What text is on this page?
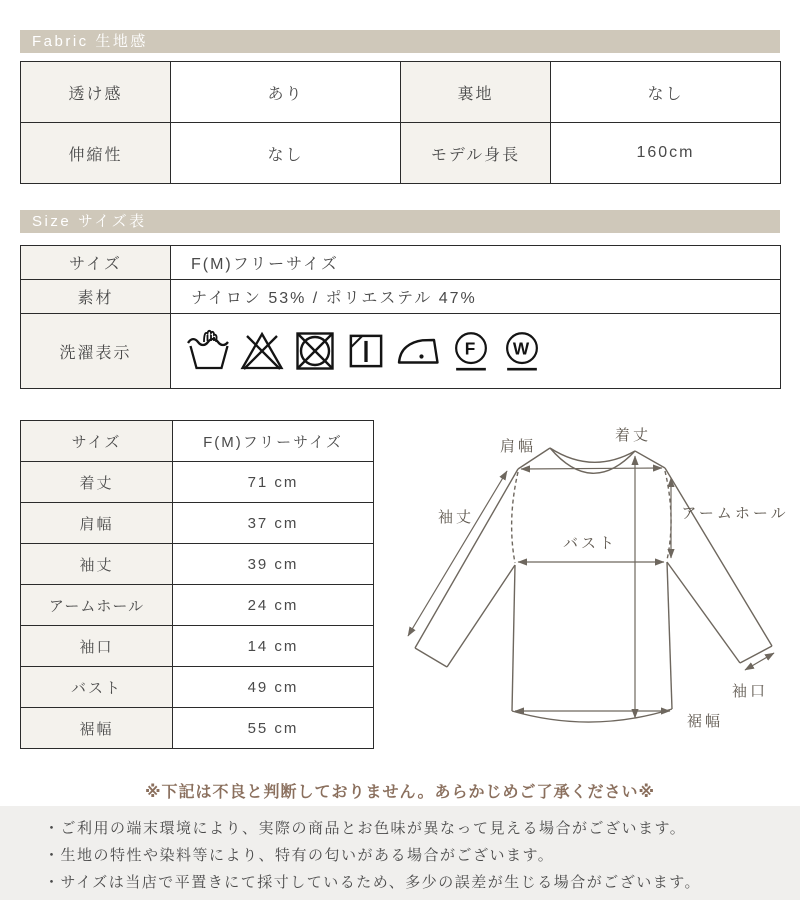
Fabric 生地感
透け感	あり	裏地	なし
伸縮性	なし	モデル身長	160cm
Size サイズ表
サイズ	F(M)フリーサイズ
素材	ナイロン 53% / ポリエステル 47%
洗濯表示	F W
サイズ	F(M)フリーサイズ
着丈	71 cm
肩幅	37 cm
袖丈	39 cm
アームホール	24 cm
袖口	14 cm
バスト	49 cm
裾幅	55 cm
着丈
肩幅
袖丈	アームホール
バスト
袖口
裾幅
※下記は不良と判断しておりません。あらかじめご了承ください※
・ご利用の端末環境により、実際の商品とお色味が異なって見える場合がございます。
・生地の特性や染料等により、特有の匂いがある場合がございます。
・サイズは当店で平置きにて採寸しているため、多少の誤差が生じる場合がございます。
